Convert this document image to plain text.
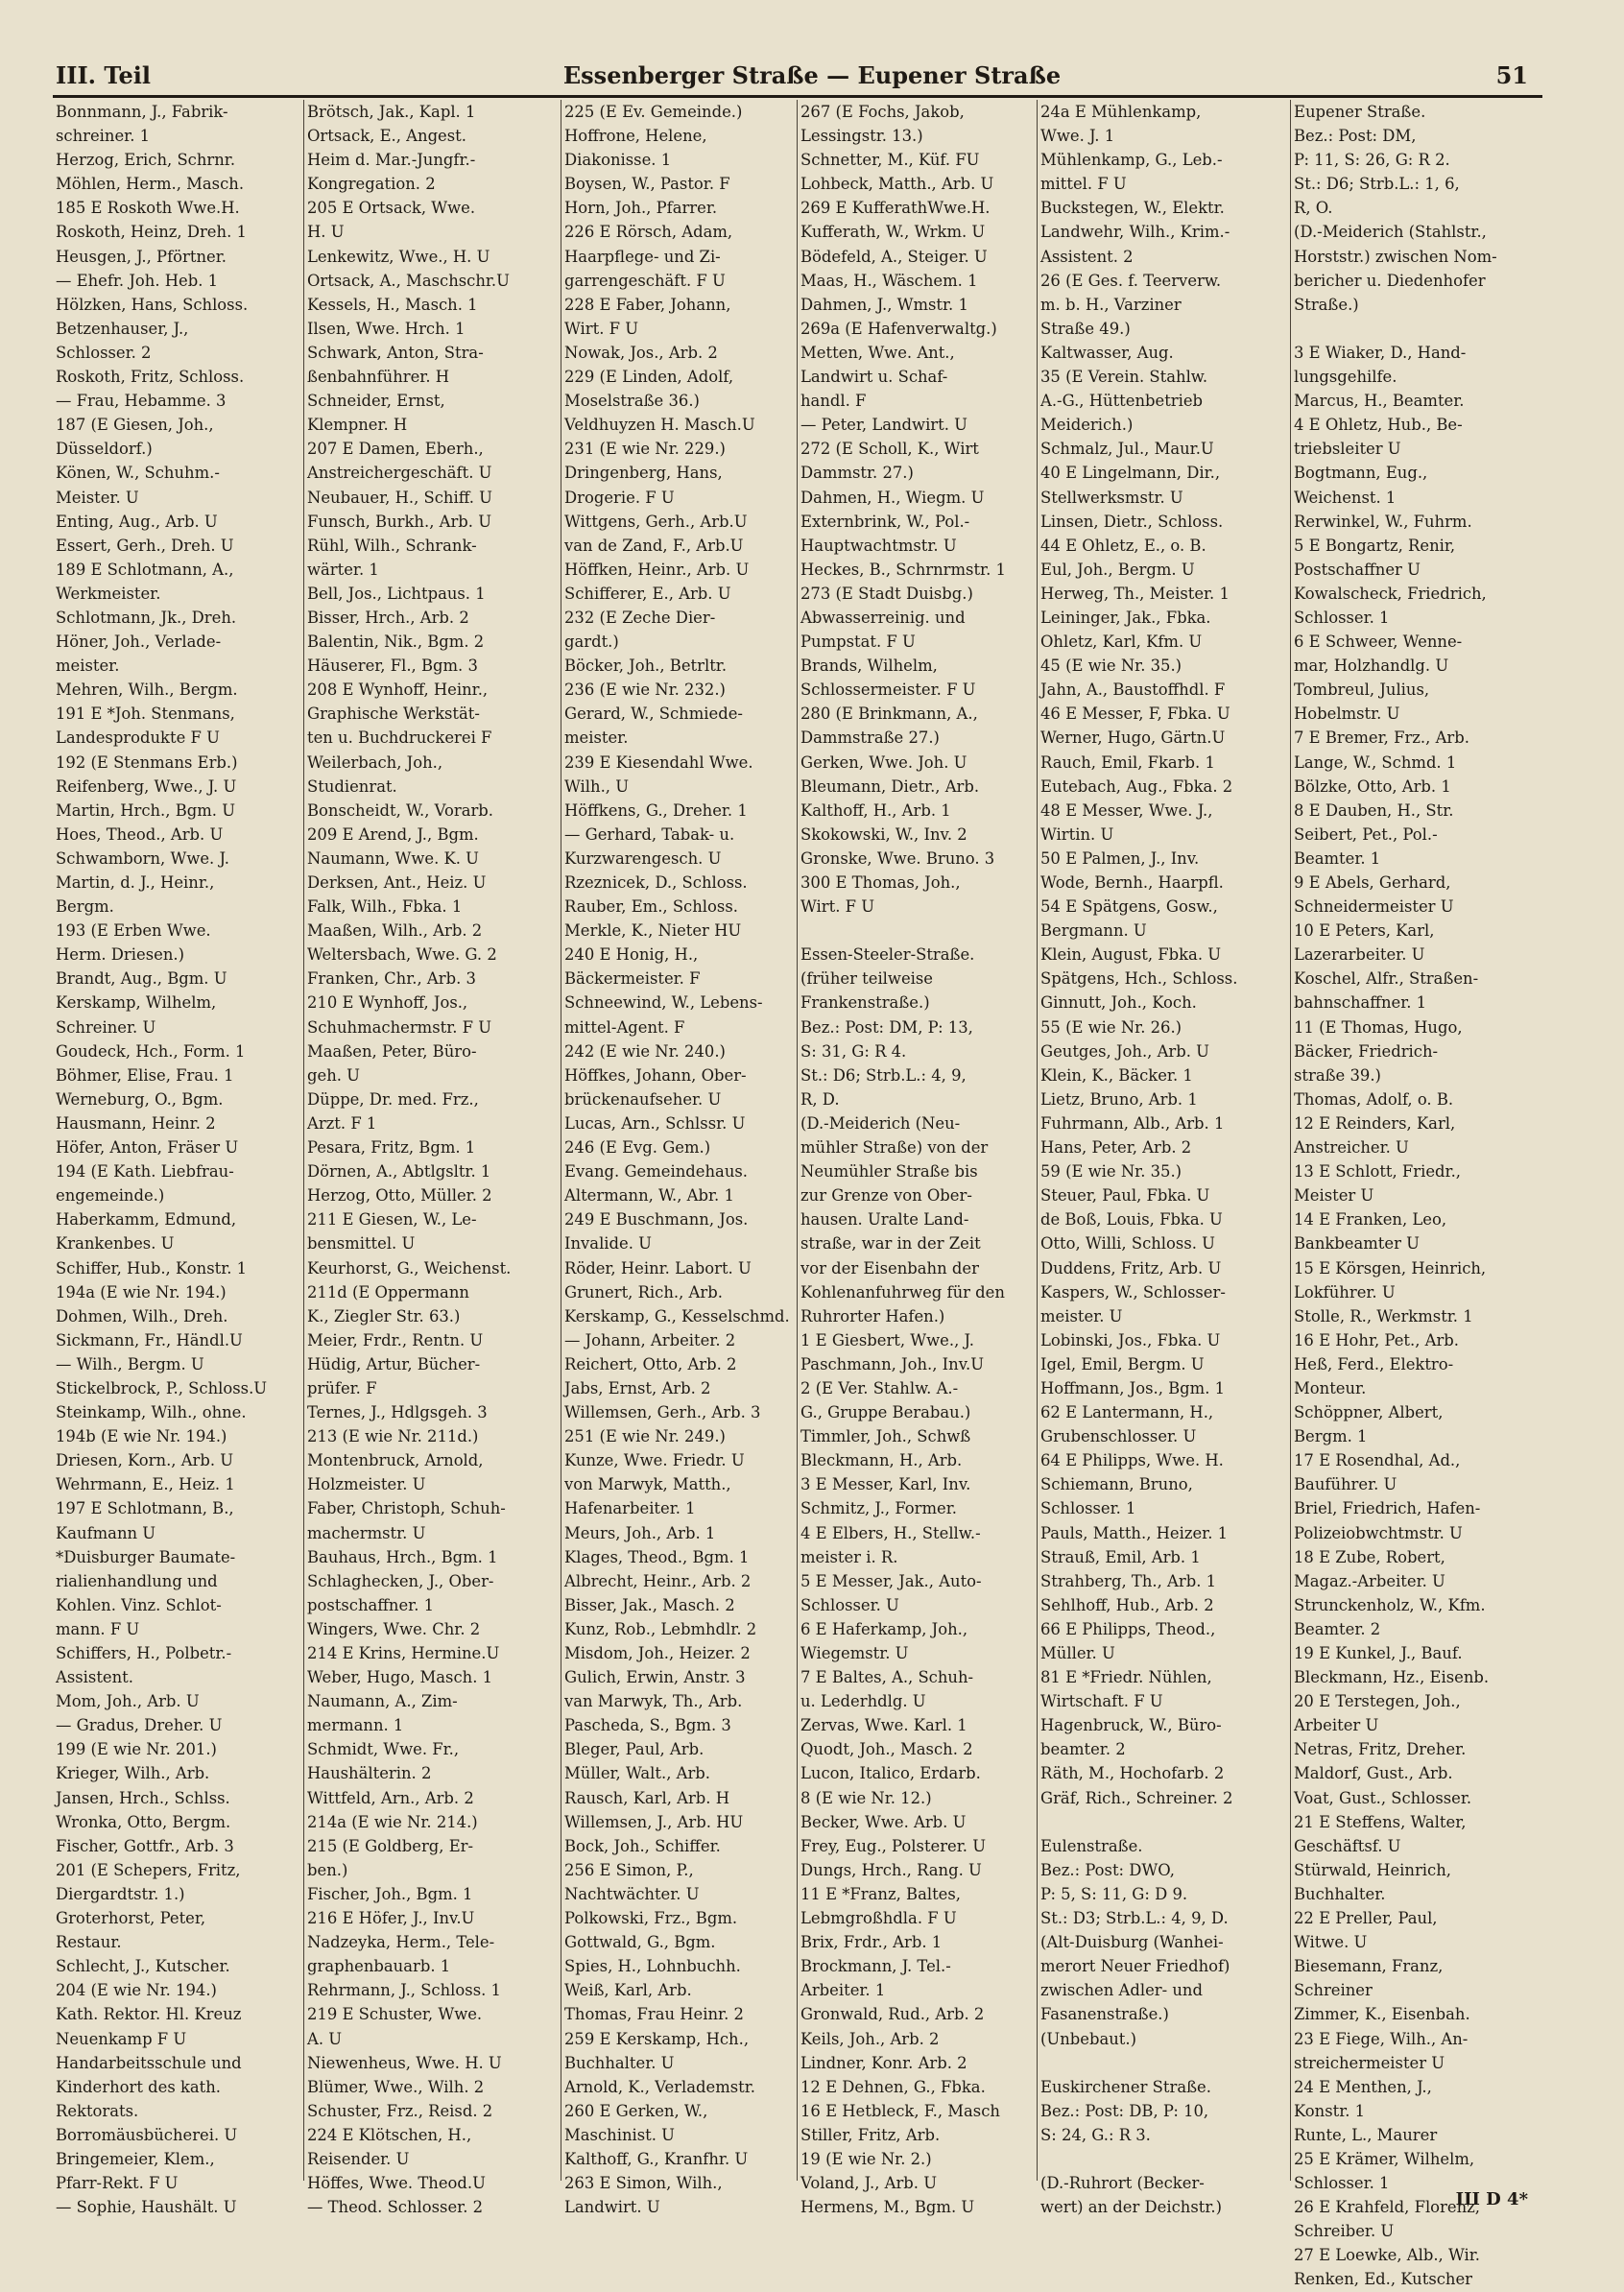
III. Teil	Essenberger Straße — Eupener Straße	51
Bonnmann, J., Fabrik-
schreiner. 1
Herzog, Erich, Schrnr.
Möhlen, Herm., Masch.
185 E Roskoth Wwe.H.
Roskoth, Heinz, Dreh. 1
Heusgen, J., Pförtner.
— Ehefr. Joh. Heb. 1
Hölzken, Hans, Schloss.
Betzenhauser, J.,
Schlosser. 2
Roskoth, Fritz, Schloss.
— Frau, Hebamme. 3
187 (E Giesen, Joh.,
Düsseldorf.)
Könen, W., Schuhm.-
Meister. U
Enting, Aug., Arb. U
Essert, Gerh., Dreh. U
189 E Schlotmann, A.,
Werkmeister.
Schlotmann, Jk., Dreh.
Höner, Joh., Verlade-
meister.
Mehren, Wilh., Bergm.
191 E *Joh. Stenmans,
Landesprodukte F U
192 (E Stenmans Erb.)
Reifenberg, Wwe., J. U
Martin, Hrch., Bgm. U
Hoes, Theod., Arb. U
Schwamborn, Wwe. J.
Martin, d. J., Heinr.,
Bergm.
193 (E Erben Wwe.
Herm. Driesen.)
Brandt, Aug., Bgm. U
Kerskamp, Wilhelm,
Schreiner. U
Goudeck, Hch., Form. 1
Böhmer, Elise, Frau. 1
Werneburg, O., Bgm.
Hausmann, Heinr. 2
Höfer, Anton, Fräser U
194 (E Kath. Liebfrau-
engemeinde.)
Haberkamm, Edmund,
Krankenbes. U
Schiffer, Hub., Konstr. 1
194a (E wie Nr. 194.)
Dohmen, Wilh., Dreh.
Sickmann, Fr., Händl.U
— Wilh., Bergm. U
Stickelbrock, P., Schloss.U
Steinkamp, Wilh., ohne.
194b (E wie Nr. 194.)
Driesen, Korn., Arb. U
Wehrmann, E., Heiz. 1
197 E Schlotmann, B.,
Kaufmann U
*Duisburger Baumate-
rialienhandlung und
Kohlen. Vinz. Schlot-
mann. F U
Schiffers, H., Polbetr.-
Assistent.
Mom, Joh., Arb. U
— Gradus, Dreher. U
199 (E wie Nr. 201.)
Krieger, Wilh., Arb.
Jansen, Hrch., Schlss.
Wronka, Otto, Bergm.
Fischer, Gottfr., Arb. 3
201 (E Schepers, Fritz,
Diergardtstr. 1.)
Groterhorst, Peter,
Restaur.
Schlecht, J., Kutscher.
204 (E wie Nr. 194.)
Kath. Rektor. Hl. Kreuz
Neuenkamp F U
Handarbeitsschule und
Kinderhort des kath.
Rektorats.
Borromäusbücherei. U
Bringemeier, Klem.,
Pfarr-Rekt. F U
— Sophie, Haushält. U
Brötsch, Jak., Kapl. 1
Ortsack, E., Angest.
Heim d. Mar.-Jungfr.-
Kongregation. 2
205 E Ortsack, Wwe.
H. U
Lenkewitz, Wwe., H. U
Ortsack, A., Maschschr.U
Kessels, H., Masch. 1
Ilsen, Wwe. Hrch. 1
Schwark, Anton, Stra-
ßenbahnführer. H
Schneider, Ernst,
Klempner. H
207 E Damen, Eberh.,
Anstreichergeschäft. U
Neubauer, H., Schiff. U
Funsch, Burkh., Arb. U
Rühl, Wilh., Schrank-
wärter. 1
Bell, Jos., Lichtpaus. 1
Bisser, Hrch., Arb. 2
Balentin, Nik., Bgm. 2
Häuserer, Fl., Bgm. 3
208 E Wynhoff, Heinr.,
Graphische Werkstät-
ten u. Buchdruckerei F
Weilerbach, Joh.,
Studienrat.
Bonscheidt, W., Vorarb.
209 E Arend, J., Bgm.
Naumann, Wwe. K. U
Derksen, Ant., Heiz. U
Falk, Wilh., Fbka. 1
Maaßen, Wilh., Arb. 2
Weltersbach, Wwe. G. 2
Franken, Chr., Arb. 3
210 E Wynhoff, Jos.,
Schuhmachermstr. F U
Maaßen, Peter, Büro-
geh. U
Düppe, Dr. med. Frz.,
Arzt. F 1
Pesara, Fritz, Bgm. 1
Dörnen, A., Abtlgsltr. 1
Herzog, Otto, Müller. 2
211 E Giesen, W., Le-
bensmittel. U
Keurhorst, G., Weichenst.
211d (E Oppermann
K., Ziegler Str. 63.)
Meier, Frdr., Rentn. U
Hüdig, Artur, Bücher-
prüfer. F
Ternes, J., Hdlgsgeh. 3
213 (E wie Nr. 211d.)
Montenbruck, Arnold,
Holzmeister. U
Faber, Christoph, Schuh-
machermstr. U
Bauhaus, Hrch., Bgm. 1
Schlaghecken, J., Ober-
postschaffner. 1
Wingers, Wwe. Chr. 2
214 E Krins, Hermine.U
Weber, Hugo, Masch. 1
Naumann, A., Zim-
mermann. 1
Schmidt, Wwe. Fr.,
Haushälterin. 2
Wittfeld, Arn., Arb. 2
214a (E wie Nr. 214.)
215 (E Goldberg, Er-
ben.)
Fischer, Joh., Bgm. 1
216 E Höfer, J., Inv.U
Nadzeyka, Herm., Tele-
graphenbauarb. 1
Rehrmann, J., Schloss. 1
219 E Schuster, Wwe.
A. U
Niewenheus, Wwe. H. U
Blümer, Wwe., Wilh. 2
Schuster, Frz., Reisd. 2
224 E Klötschen, H.,
Reisender. U
Höffes, Wwe. Theod.U
— Theod. Schlosser. 2
225 (E Ev. Gemeinde.)
Hoffrone, Helene,
Diakonisse. 1
Boysen, W., Pastor. F
Horn, Joh., Pfarrer.
226 E Rörsch, Adam,
Haarpflege- und Zi-
garrengeschäft. F U
228 E Faber, Johann,
Wirt. F U
Nowak, Jos., Arb. 2
229 (E Linden, Adolf,
Moselstraße 36.)
Veldhuyzen H. Masch.U
231 (E wie Nr. 229.)
Dringenberg, Hans,
Drogerie. F U
Wittgens, Gerh., Arb.U
van de Zand, F., Arb.U
Höffken, Heinr., Arb. U
Schifferer, E., Arb. U
232 (E Zeche Dier-
gardt.)
Böcker, Joh., Betrltr.
236 (E wie Nr. 232.)
Gerard, W., Schmiede-
meister.
239 E Kiesendahl Wwe.
Wilh., U
Höffkens, G., Dreher. 1
— Gerhard, Tabak- u.
Kurzwarengesch. U
Rzeznicek, D., Schloss.
Rauber, Em., Schloss.
Merkle, K., Nieter HU
240 E Honig, H.,
Bäckermeister. F
Schneewind, W., Lebens-
mittel-Agent. F
242 (E wie Nr. 240.)
Höffkes, Johann, Ober-
brückenaufseher. U
Lucas, Arn., Schlssr. U
246 (E Evg. Gem.)
Evang. Gemeindehaus.
Altermann, W., Abr. 1
249 E Buschmann, Jos.
Invalide. U
Röder, Heinr. Labort. U
Grunert, Rich., Arb.
Kerskamp, G., Kesselschmd.
— Johann, Arbeiter. 2
Reichert, Otto, Arb. 2
Jabs, Ernst, Arb. 2
Willemsen, Gerh., Arb. 3
251 (E wie Nr. 249.)
Kunze, Wwe. Friedr. U
von Marwyk, Matth.,
Hafenarbeiter. 1
Meurs, Joh., Arb. 1
Klages, Theod., Bgm. 1
Albrecht, Heinr., Arb. 2
Bisser, Jak., Masch. 2
Kunz, Rob., Lebmhdlr. 2
Misdom, Joh., Heizer. 2
Gulich, Erwin, Anstr. 3
van Marwyk, Th., Arb.
Pascheda, S., Bgm. 3
Bleger, Paul, Arb.
Müller, Walt., Arb.
Rausch, Karl, Arb. H
Willemsen, J., Arb. HU
Bock, Joh., Schiffer.
256 E Simon, P.,
Nachtwächter. U
Polkowski, Frz., Bgm.
Gottwald, G., Bgm.
Spies, H., Lohnbuchh.
Weiß, Karl, Arb.
Thomas, Frau Heinr. 2
259 E Kerskamp, Hch.,
Buchhalter. U
Arnold, K., Verlademstr.
260 E Gerken, W.,
Maschinist. U
Kalthoff, G., Kranfhr. U
263 E Simon, Wilh.,
Landwirt. U
267 (E Fochs, Jakob,
Lessingstr. 13.)
Schnetter, M., Küf. FU
Lohbeck, Matth., Arb. U
269 E KufferathWwe.H.
Kufferath, W., Wrkm. U
Bödefeld, A., Steiger. U
Maas, H., Wäschem. 1
Dahmen, J., Wmstr. 1
269a (E Hafenverwaltg.)
Metten, Wwe. Ant.,
Landwirt u. Schaf-
handl. F
— Peter, Landwirt. U
272 (E Scholl, K., Wirt
Dammstr. 27.)
Dahmen, H., Wiegm. U
Externbrink, W., Pol.-
Hauptwachtmstr. U
Heckes, B., Schrnrmstr. 1
273 (E Stadt Duisbg.)
Abwasserreinig. und
Pumpstat. F U
Brands, Wilhelm,
Schlossermeister. F U
280 (E Brinkmann, A.,
Dammstraße 27.)
Gerken, Wwe. Joh. U
Bleumann, Dietr., Arb.
Kalthoff, H., Arb. 1
Skokowski, W., Inv. 2
Gronske, Wwe. Bruno. 3
300 E Thomas, Joh.,
Wirt. F U
Essen-Steeler-Straße.
(früher teilweise
Frankenstraße.)
Bez.: Post: DM, P: 13,
S: 31, G: R 4.
St.: D6; Strb.L.: 4, 9,
R, D.
(D.-Meiderich (Neu-
mühler Straße) von der
Neumühler Straße bis
zur Grenze von Ober-
hausen. Uralte Land-
straße, war in der Zeit
vor der Eisenbahn der
Kohlenanfuhrweg für den
Ruhrorter Hafen.)
1 E Giesbert, Wwe., J.
Paschmann, Joh., Inv.U
2 (E Ver. Stahlw. A.-
G., Gruppe Berabau.)
Timmler, Joh., Schwß
Bleckmann, H., Arb.
3 E Messer, Karl, Inv.
Schmitz, J., Former.
4 E Elbers, H., Stellw.-
meister i. R.
5 E Messer, Jak., Auto-
Schlosser. U
6 E Haferkamp, Joh.,
Wiegemstr. U
7 E Baltes, A., Schuh-
u. Lederhdlg. U
Zervas, Wwe. Karl. 1
Quodt, Joh., Masch. 2
Lucon, Italico, Erdarb.
8 (E wie Nr. 12.)
Becker, Wwe. Arb. U
Frey, Eug., Polsterer. U
Dungs, Hrch., Rang. U
11 E *Franz, Baltes,
Lebmgroßhdla. F U
Brix, Frdr., Arb. 1
Brockmann, J. Tel.-
Arbeiter. 1
Gronwald, Rud., Arb. 2
Keils, Joh., Arb. 2
Lindner, Konr. Arb. 2
12 E Dehnen, G., Fbka.
16 E Hetbleck, F., Masch
Stiller, Fritz, Arb.
19 (E wie Nr. 2.)
Voland, J., Arb. U
Hermens, M., Bgm. U
24a E Mühlenkamp,
Wwe. J. 1
Mühlenkamp, G., Leb.-
mittel. F U
Buckstegen, W., Elektr.
Landwehr, Wilh., Krim.-
Assistent. 2
26 (E Ges. f. Teerverw.
m. b. H., Varziner
Straße 49.)
Kaltwasser, Aug.
35 (E Verein. Stahlw.
A.-G., Hüttenbetrieb
Meiderich.)
Schmalz, Jul., Maur.U
40 E Lingelmann, Dir.,
Stellwerksmstr. U
Linsen, Dietr., Schloss.
44 E Ohletz, E., o. B.
Eul, Joh., Bergm. U
Herweg, Th., Meister. 1
Leininger, Jak., Fbka.
Ohletz, Karl, Kfm. U
45 (E wie Nr. 35.)
Jahn, A., Baustoffhdl. F
46 E Messer, F, Fbka. U
Werner, Hugo, Gärtn.U
Rauch, Emil, Fkarb. 1
Eutebach, Aug., Fbka. 2
48 E Messer, Wwe. J.,
Wirtin. U
50 E Palmen, J., Inv.
Wode, Bernh., Haarpfl.
54 E Spätgens, Gosw.,
Bergmann. U
Klein, August, Fbka. U
Spätgens, Hch., Schloss.
Ginnutt, Joh., Koch.
55 (E wie Nr. 26.)
Geutges, Joh., Arb. U
Klein, K., Bäcker. 1
Lietz, Bruno, Arb. 1
Fuhrmann, Alb., Arb. 1
Hans, Peter, Arb. 2
59 (E wie Nr. 35.)
Steuer, Paul, Fbka. U
de Boß, Louis, Fbka. U
Otto, Willi, Schloss. U
Duddens, Fritz, Arb. U
Kaspers, W., Schlosser-
meister. U
Lobinski, Jos., Fbka. U
Igel, Emil, Bergm. U
Hoffmann, Jos., Bgm. 1
62 E Lantermann, H.,
Grubenschlosser. U
64 E Philipps, Wwe. H.
Schiemann, Bruno,
Schlosser. 1
Pauls, Matth., Heizer. 1
Strauß, Emil, Arb. 1
Strahberg, Th., Arb. 1
Sehlhoff, Hub., Arb. 2
66 E Philipps, Theod.,
Müller. U
81 E *Friedr. Nühlen,
Wirtschaft. F U
Hagenbruck, W., Büro-
beamter. 2
Räth, M., Hochofarb. 2
Gräf, Rich., Schreiner. 2
Eulenstraße.
Bez.: Post: DWO,
P: 5, S: 11, G: D 9.
St.: D3; Strb.L.: 4, 9, D.
(Alt-Duisburg (Wanhei-
merort Neuer Friedhof)
zwischen Adler- und
Fasanenstraße.)
(Unbebaut.)
Euskirchener Straße.
Bez.: Post: DB, P: 10,
S: 24, G.: R 3.
(D.-Ruhrort (Becker-
wert) an der Deichstr.)
Eupener Straße.
Bez.: Post: DM,
P: 11, S: 26, G: R 2.
St.: D6; Strb.L.: 1, 6,
R, O.
(D.-Meiderich (Stahlstr.,
Horststr.) zwischen Nom-
bericher u. Diedenhofer
Straße.)
3 E Wiaker, D., Hand-
lungsgehilfe.
Marcus, H., Beamter.
4 E Ohletz, Hub., Be-
triebsleiter U
Bogtmann, Eug.,
Weichenst. 1
Rerwinkel, W., Fuhrm.
5 E Bongartz, Renir,
Postschaffner U
Kowalscheck, Friedrich,
Schlosser. 1
6 E Schweer, Wenne-
mar, Holzhandlg. U
Tombreul, Julius,
Hobelmstr. U
7 E Bremer, Frz., Arb.
Lange, W., Schmd. 1
Bölzke, Otto, Arb. 1
8 E Dauben, H., Str.
Seibert, Pet., Pol.-
Beamter. 1
9 E Abels, Gerhard,
Schneidermeister U
10 E Peters, Karl,
Lazerarbeiter. U
Koschel, Alfr., Straßen-
bahnschaffner. 1
11 (E Thomas, Hugo,
Bäcker, Friedrich-
straße 39.)
Thomas, Adolf, o. B.
12 E Reinders, Karl,
Anstreicher. U
13 E Schlott, Friedr.,
Meister U
14 E Franken, Leo,
Bankbeamter U
15 E Körsgen, Heinrich,
Lokführer. U
Stolle, R., Werkmstr. 1
16 E Hohr, Pet., Arb.
Heß, Ferd., Elektro-
Monteur.
Schöppner, Albert,
Bergm. 1
17 E Rosendhal, Ad.,
Bauführer. U
Briel, Friedrich, Hafen-
Polizeiobwchtmstr. U
18 E Zube, Robert,
Magaz.-Arbeiter. U
Strunckenholz, W., Kfm.
Beamter. 2
19 E Kunkel, J., Bauf.
Bleckmann, Hz., Eisenb.
20 E Terstegen, Joh.,
Arbeiter U
Netras, Fritz, Dreher.
Maldorf, Gust., Arb.
Voat, Gust., Schlosser.
21 E Steffens, Walter,
Geschäftsf. U
Stürwald, Heinrich,
Buchhalter.
22 E Preller, Paul,
Witwe. U
Biesemann, Franz,
Schreiner
Zimmer, K., Eisenbah.
23 E Fiege, Wilh., An-
streichermeister U
24 E Menthen, J.,
Konstr. 1
Runte, L., Maurer
25 E Krämer, Wilhelm,
Schlosser. 1
26 E Krahfeld, Florenz,
Schreiber. U
27 E Loewke, Alb., Wir.
Renken, Ed., Kutscher
III D 4*
